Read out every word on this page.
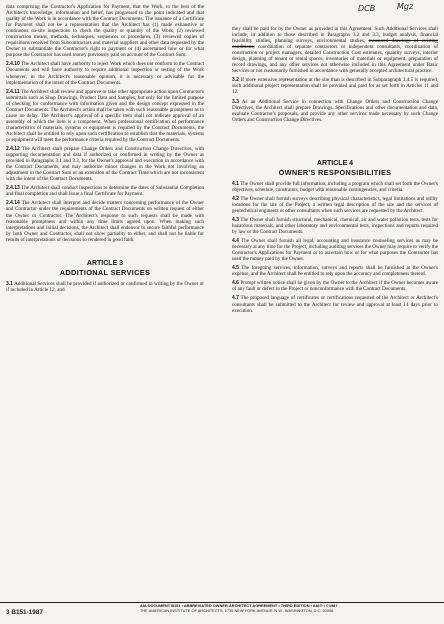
DCB	Mgz

data comprising the Contractor's Application for Payment, that the Work, to the best of the Architect's knowledge, information and belief, has progressed to the point indicated and that quality of the Work is in accordance with the Contract Documents. The issuance of a Certificate for Payment shall not be a representation that the Architect has (1) made exhaustive or continuous on-site inspections to check the quality or quantity of the Work, (2) reviewed construction means, methods, techniques, sequences or procedures, (3) reviewed copies of requisitions received from Subcontractors and material suppliers and other data requested by the Owner to substantiate the Contractor's right to payment or (4) ascertained how or for what purpose the Contractor has used money previously paid on account of the Contract Sum.

2.4.10 The Architect shall have authority to reject Work which does not conform to the Contract Documents and will have authority to require additional inspection or testing of the Work whenever, in the Architect's reasonable opinion, it is necessary or advisable for the implementation of the intent of the Contract Documents.

2.4.11 The Architect shall review and approve or take other appropriate action upon Contractor's submittals such as Shop Drawings, Product Data and Samples, but only for the limited purpose of checking for conformance with information given and the design concept expressed in the Contract Documents. The Architect's action shall be taken with such reasonable promptness as to cause no delay. The Architect's approval of a specific item shall not indicate approval of an assembly of which the item is a component. When professional certification of performance characteristics of materials, systems or equipment is required by the Contract Documents, the Architect shall be entitled to rely upon such certification to establish that the materials, systems or equipment will meet the performance criteria required by the Contract Documents.

2.4.12 The Architect shall prepare Change Orders and Construction Change Directives, with supporting documentation and data if authorized or confirmed in writing by the Owner as provided in Paragraphs 3.1 and 3.3, for the Owner's approval and execution in accordance with the Contract Documents, and may authorize minor changes in the Work not involving an adjustment in the Contract Sum or an extension of the Contract Time which are not inconsistent with the intent of the Contract Documents.

2.4.13 The Architect shall conduct inspections to determine the dates of Substantial Completion and final completion and shall issue a final Certificate for Payment.

2.4.14 The Architect shall interpret and decide matters concerning performance of the Owner and Contractor under the requirements of the Contract Documents on written request of either the Owner or Contractor. The Architect's response to such requests shall be made with reasonable promptness and within any time limits agreed upon. When making such interpretations and initial decisions, the Architect shall endeavor to secure faithful performance by both Owner and Contractor, shall not show partiality to either, and shall not be liable for results of interpretations or decisions so rendered in good faith.

ARTICLE 3

ADDITIONAL SERVICES

3.1 Additional Services shall be provided if authorized or confirmed in writing by the Owner or if included in Article 12, and

they shall be paid for by the Owner as provided in this Agreement. Such Additional Services shall include, in addition to those described in Paragraphs 3.2 and 3.3, budget analysis, financial feasibility studies, planning surveys, environmental studies, measured drawings of existing conditions, coordination of separate contractors or independent consultants, coordination of construction or project managers, detailed Construction Cost estimates, quantity surveys, interior design, planning of tenant or rental spaces, inventories of materials or equipment, preparation of record drawings, and any other services not otherwise included in this Agreement under Basic Services or not customarily furnished in accordance with generally accepted architectural practice.

3.2 If more extensive representation at the site than is described in Subparagraph 2.4.5 is required, such additional project representation shall be provided and paid for as set forth in Articles 11 and 12.

3.3 As an Additional Service in connection with Change Orders and Construction Change Directives, the Architect shall prepare Drawings, Specifications and other documentation and data, evaluate Contractor's proposals, and provide any other services made necessary by such Change Orders and Construction Change Directives.

ARTICLE 4

OWNER'S RESPONSIBILITIES

4.1 The Owner shall provide full information, including a program which shall set forth the Owner's objectives, schedule, constraints, budget with reasonable contingencies, and criteria.

4.2 The Owner shall furnish surveys describing physical characteristics, legal limitations and utility locations for the site of the Project, a written legal description of the site and the services of geotechnical engineers or other consultants when such services are requested by the Architect.

4.3 The Owner shall furnish structural, mechanical, chemical, air and water pollution tests, tests for hazardous materials, and other laboratory and environmental tests, inspections and reports required by law or the Contract Documents.

4.4 The Owner shall furnish all legal, accounting and insurance counseling services as may be necessary at any time for the Project, including auditing services the Owner may require to verify the Contractor's Applications for Payment or to ascertain how or for what purposes the Contractor has used the money paid by the Owner.

4.5 The foregoing services, information, surveys and reports shall be furnished at the Owner's expense, and the Architect shall be entitled to rely upon the accuracy and completeness thereof.

4.6 Prompt written notice shall be given by the Owner to the Architect if the Owner becomes aware of any fault or defect in the Project or nonconformance with the Contract Documents.

4.7 The proposed language of certificates or certifications requested of the Architect or Architect's consultants shall be submitted to the Architect for review and approval at least 14 days prior to execution.

3 B151-1987
AIA DOCUMENT B151 • ABBREVIATED OWNER-ARCHITECT AGREEMENT • THIRD EDITION • AIA® • ©1987
THE AMERICAN INSTITUTE OF ARCHITECTS, 1735 NEW YORK AVENUE, N.W., WASHINGTON, D.C. 20006
